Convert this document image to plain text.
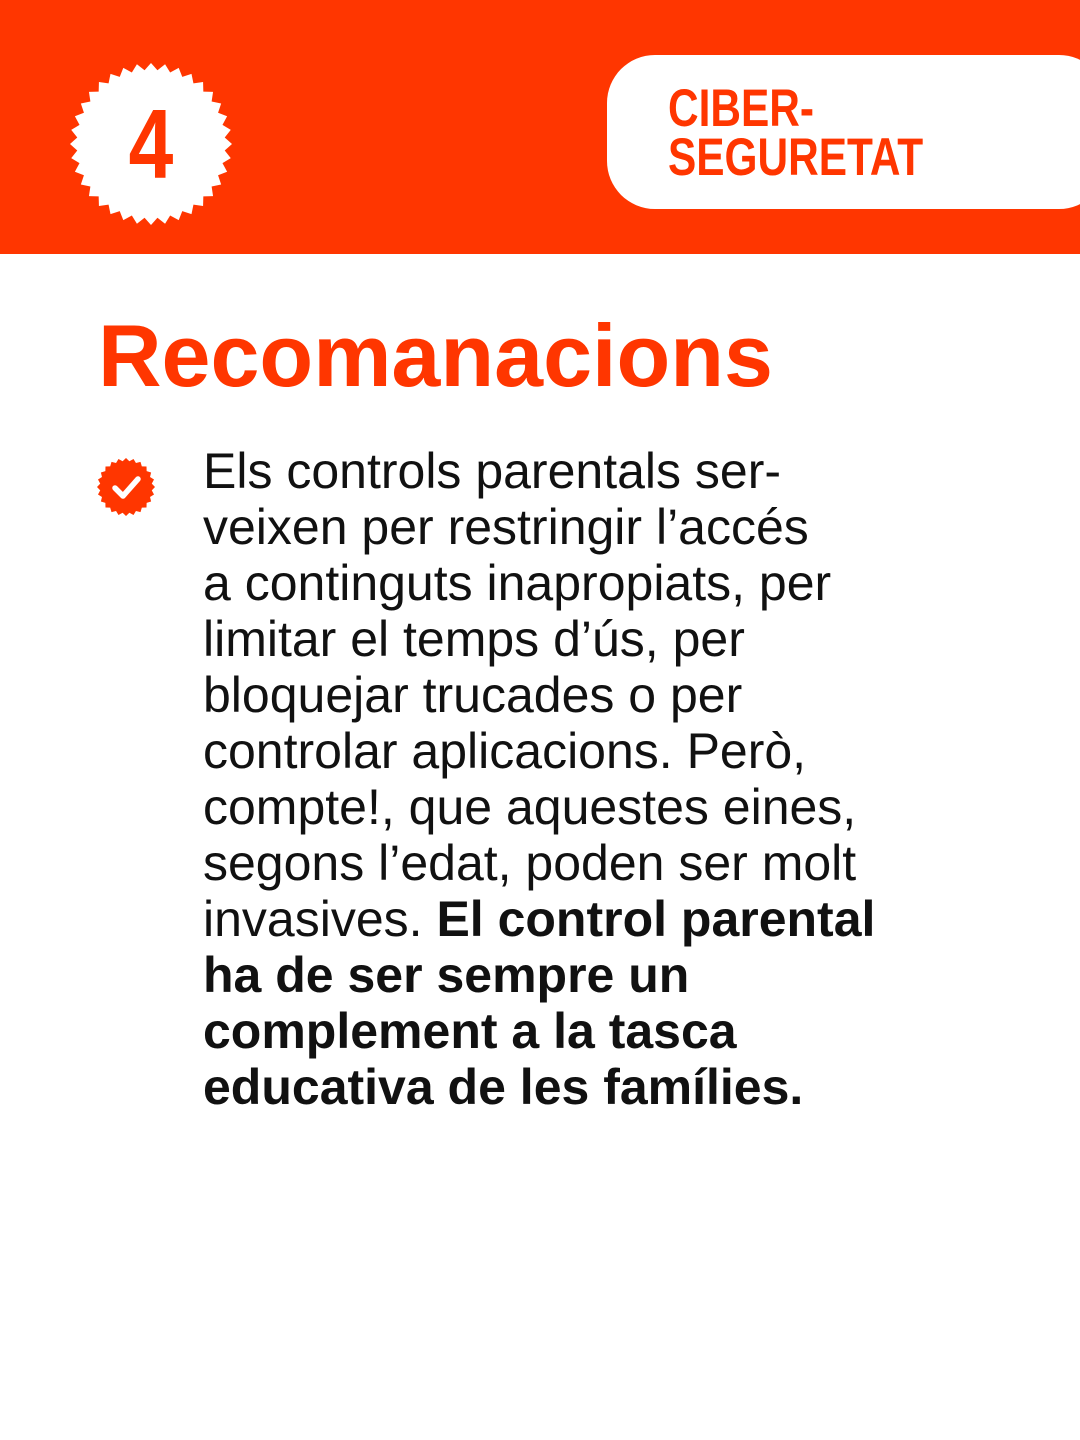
4	CIBER-
SEGURETAT
Recomanacions
Els controls parentals ser-
veixen per restringir l’accés
a continguts inapropiats, per
limitar el temps d’ús, per
bloquejar trucades o per
controlar aplicacions. Però,
compte!, que aquestes eines,
segons l’edat, poden ser molt
invasives. El control parental
ha de ser sempre un
complement a la tasca
educativa de les famílies.
